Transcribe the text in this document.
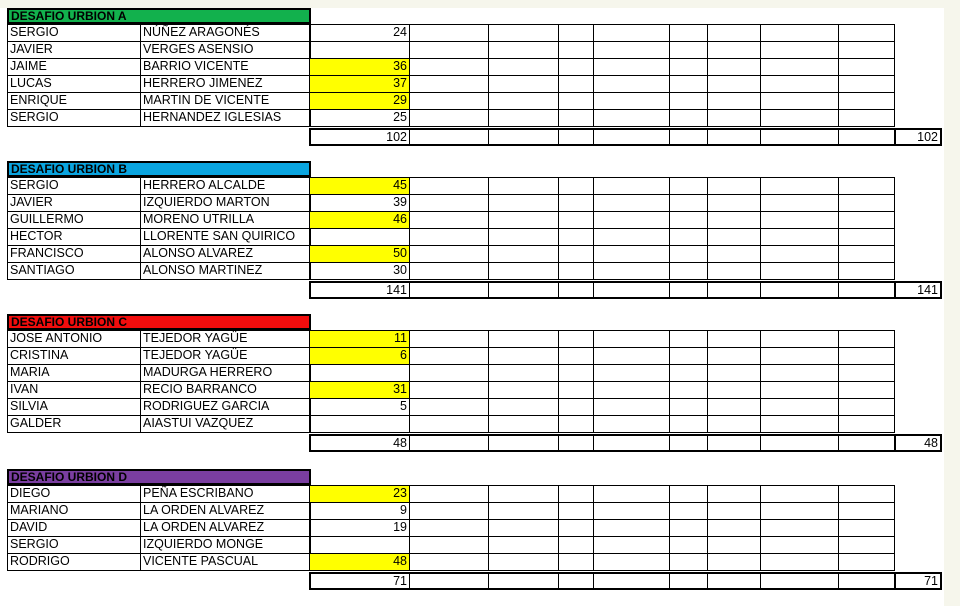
DESAFIO URBION A
SERGIO	NÚÑEZ ARAGONÉS	24
JAVIER	VERGES ASENSIO
JAIME	BARRIO VICENTE	36
LUCAS	HERRERO JIMENEZ	37
ENRIQUE	MARTIN DE VICENTE	29
SERGIO	HERNANDEZ IGLESIAS	25
102	102
DESAFIO URBION B
SERGIO	HERRERO ALCALDE	45
JAVIER	IZQUIERDO MARTON	39
GUILLERMO	MORENO UTRILLA	46
HECTOR	LLORENTE SAN QUIRICO
FRANCISCO	ALONSO ALVAREZ	50
SANTIAGO	ALONSO MARTINEZ	30
141	141
DESAFIO URBION C
JOSE ANTONIO	TEJEDOR YAGÜE	11
CRISTINA	TEJEDOR YAGÜE	6
MARIA	MADURGA HERRERO
IVAN	RECIO BARRANCO	31
SILVIA	RODRIGUEZ GARCIA	5
GALDER	AIASTUI VAZQUEZ
48	48
DESAFIO URBION D
DIEGO	PEÑA ESCRIBANO	23
MARIANO	LA ORDEN ALVAREZ	9
DAVID	LA ORDEN ALVAREZ	19
SERGIO	IZQUIERDO MONGE
RODRIGO	VICENTE PASCUAL	48
71	71
